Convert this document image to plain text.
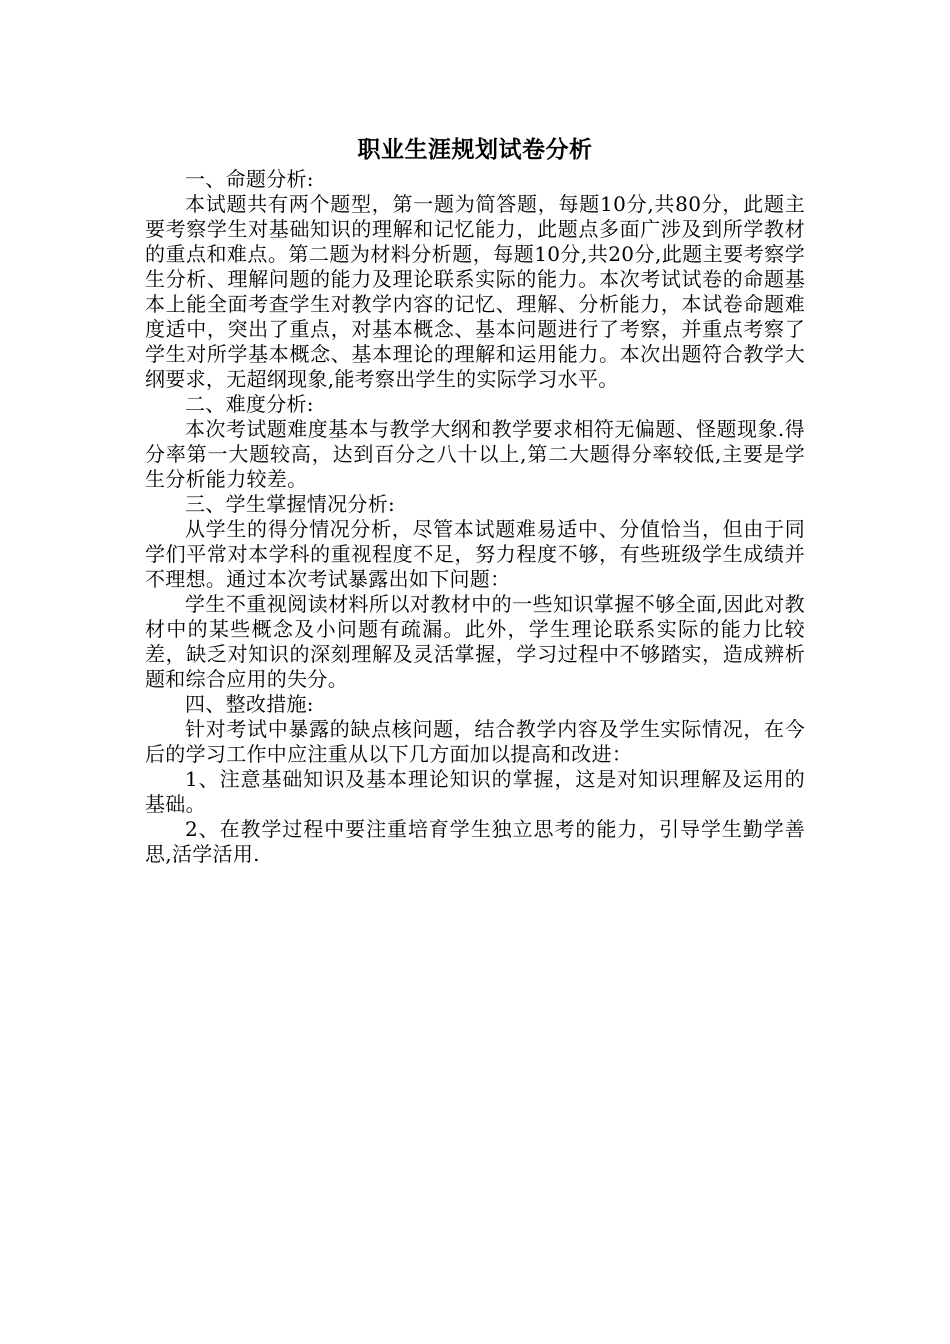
职业生涯规划试卷分析

一、命题分析:

本试题共有两个题型，第一题为简答题，每题10分,共80分，此题主要考察学生对基础知识的理解和记忆能力，此题点多面广涉及到所学教材的重点和难点。第二题为材料分析题，每题10分,共20分,此题主要考察学生分析、理解问题的能力及理论联系实际的能力。本次考试试卷的命题基本上能全面考查学生对教学内容的记忆、理解、分析能力，本试卷命题难度适中，突出了重点，对基本概念、基本问题进行了考察，并重点考察了学生对所学基本概念、基本理论的理解和运用能力。本次出题符合教学大纲要求，无超纲现象,能考察出学生的实际学习水平。

二、难度分析:

本次考试题难度基本与教学大纲和教学要求相符无偏题、怪题现象.得分率第一大题较高，达到百分之八十以上,第二大题得分率较低,主要是学生分析能力较差。

三、学生掌握情况分析:

从学生的得分情况分析，尽管本试题难易适中、分值恰当，但由于同学们平常对本学科的重视程度不足，努力程度不够，有些班级学生成绩并不理想。通过本次考试暴露出如下问题：

学生不重视阅读材料所以对教材中的一些知识掌握不够全面,因此对教材中的某些概念及小问题有疏漏。此外，学生理论联系实际的能力比较差，缺乏对知识的深刻理解及灵活掌握，学习过程中不够踏实，造成辨析题和综合应用的失分。

四、整改措施:

针对考试中暴露的缺点核问题，结合教学内容及学生实际情况，在今后的学习工作中应注重从以下几方面加以提高和改进：

1、注意基础知识及基本理论知识的掌握，这是对知识理解及运用的基础。

2、在教学过程中要注重培育学生独立思考的能力，引导学生勤学善思,活学活用.
